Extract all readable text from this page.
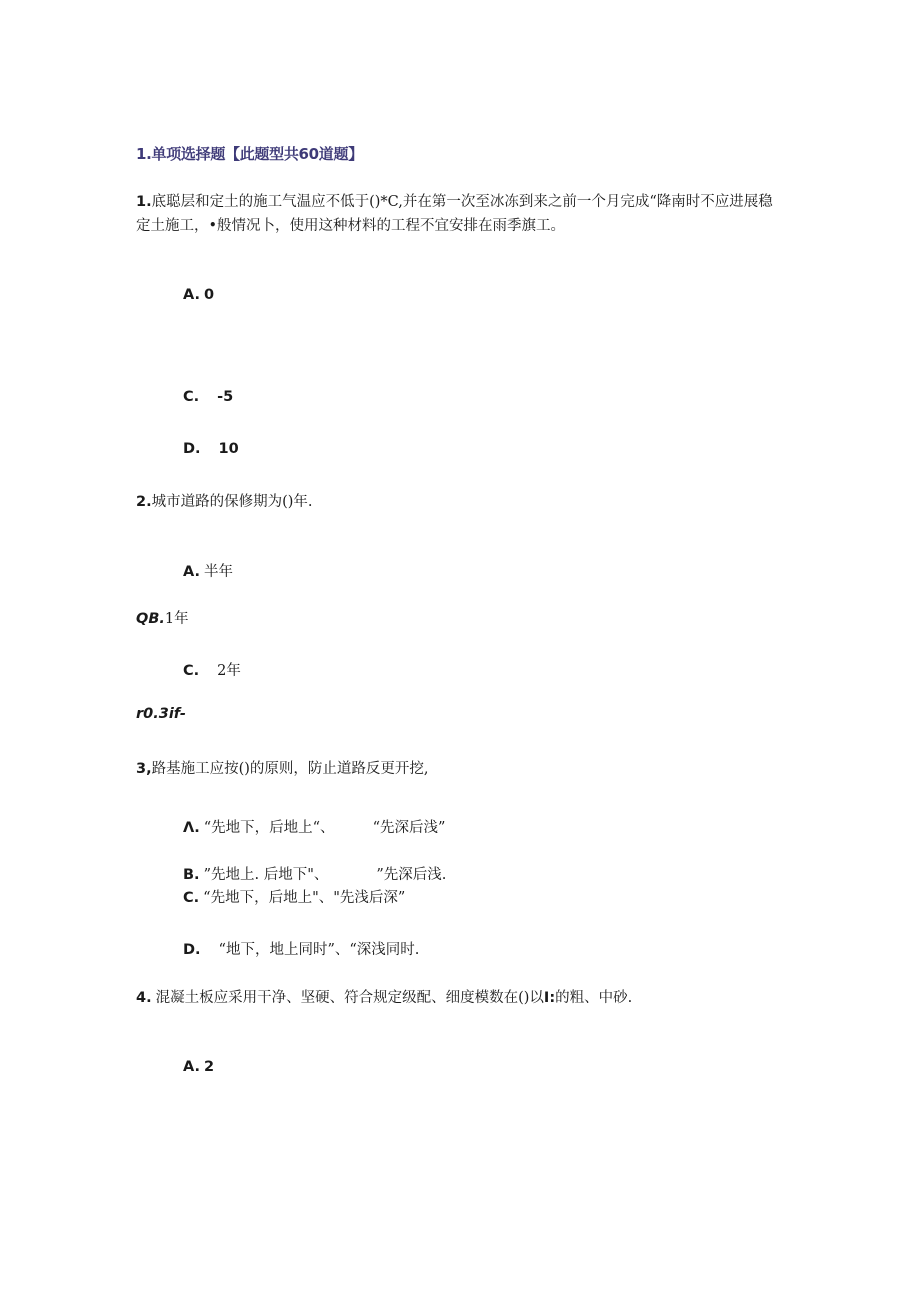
1.单项选择题【此题型共60道题】
1.底聪层和定土的施工气温应不低于()*C,并在第一次至冰冻到来之前一个月完成“降南时不应进展稳定土施工，•般情况卜，使用这种材料的工程不宜安排在雨季旗工。
A. 0
C. -5
D. 10
2.城市道路的保修期为()年.
A. 半年
QB.1年
C. 2年
r0.3if-
3,路基施工应按()的原则，防止道路反更开挖,
Λ. “先地下，后地上“、	“先深后浅”
B. ”先地上. 后地下"、	”先深后浅.
C. “先地下，后地上"、"先浅后深”
D. “地下，地上同时”、“深浅同时.
4. 混凝土板应采用干净、坚硬、符合规定级配、细度模数在()以I:的粗、中砂.
A. 2
